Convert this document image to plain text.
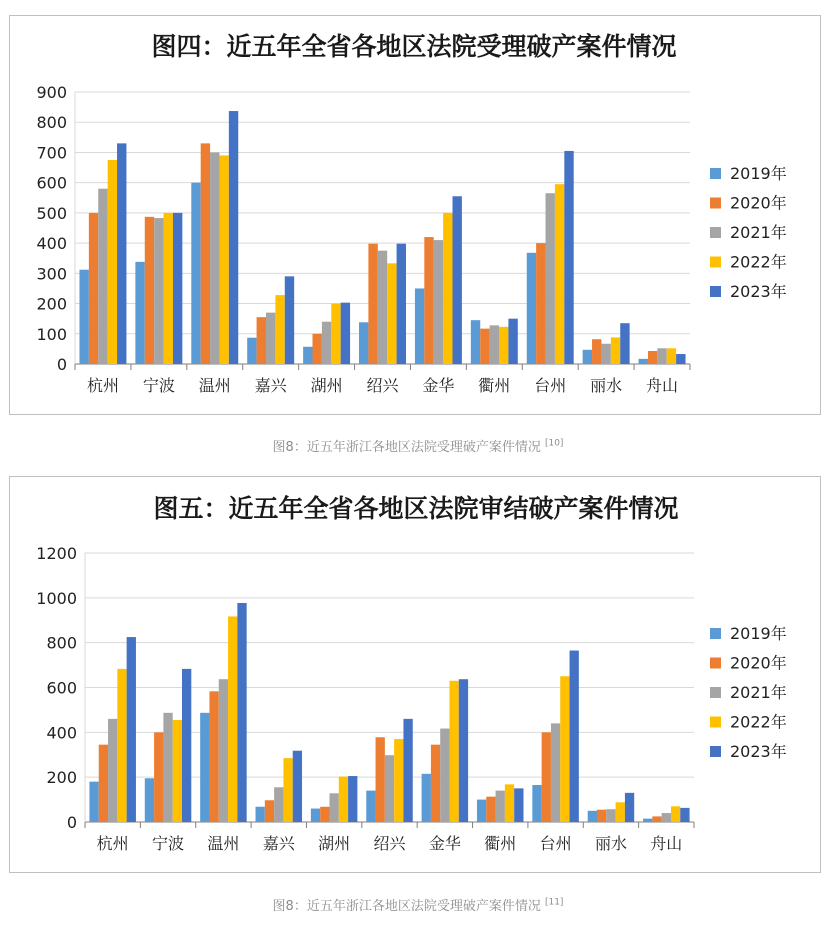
图四：近五年全省各地区法院受理破产案件情况
0
100
200
300
400
500
600
700
800
900
杭州 宁波 温州 嘉兴 湖州 绍兴 金华 衢州 台州 丽水 舟山
2019年
2020年
2021年
2022年
2023年
图8：近五年浙江各地区法院受理破产案件情况 [10]
图五：近五年全省各地区法院审结破产案件情况
0
200
400
600
800
1000
1200
杭州 宁波 温州 嘉兴 湖州 绍兴 金华 衢州 台州 丽水 舟山
2019年
2020年
2021年
2022年
2023年
图8：近五年浙江各地区法院受理破产案件情况 [11]
